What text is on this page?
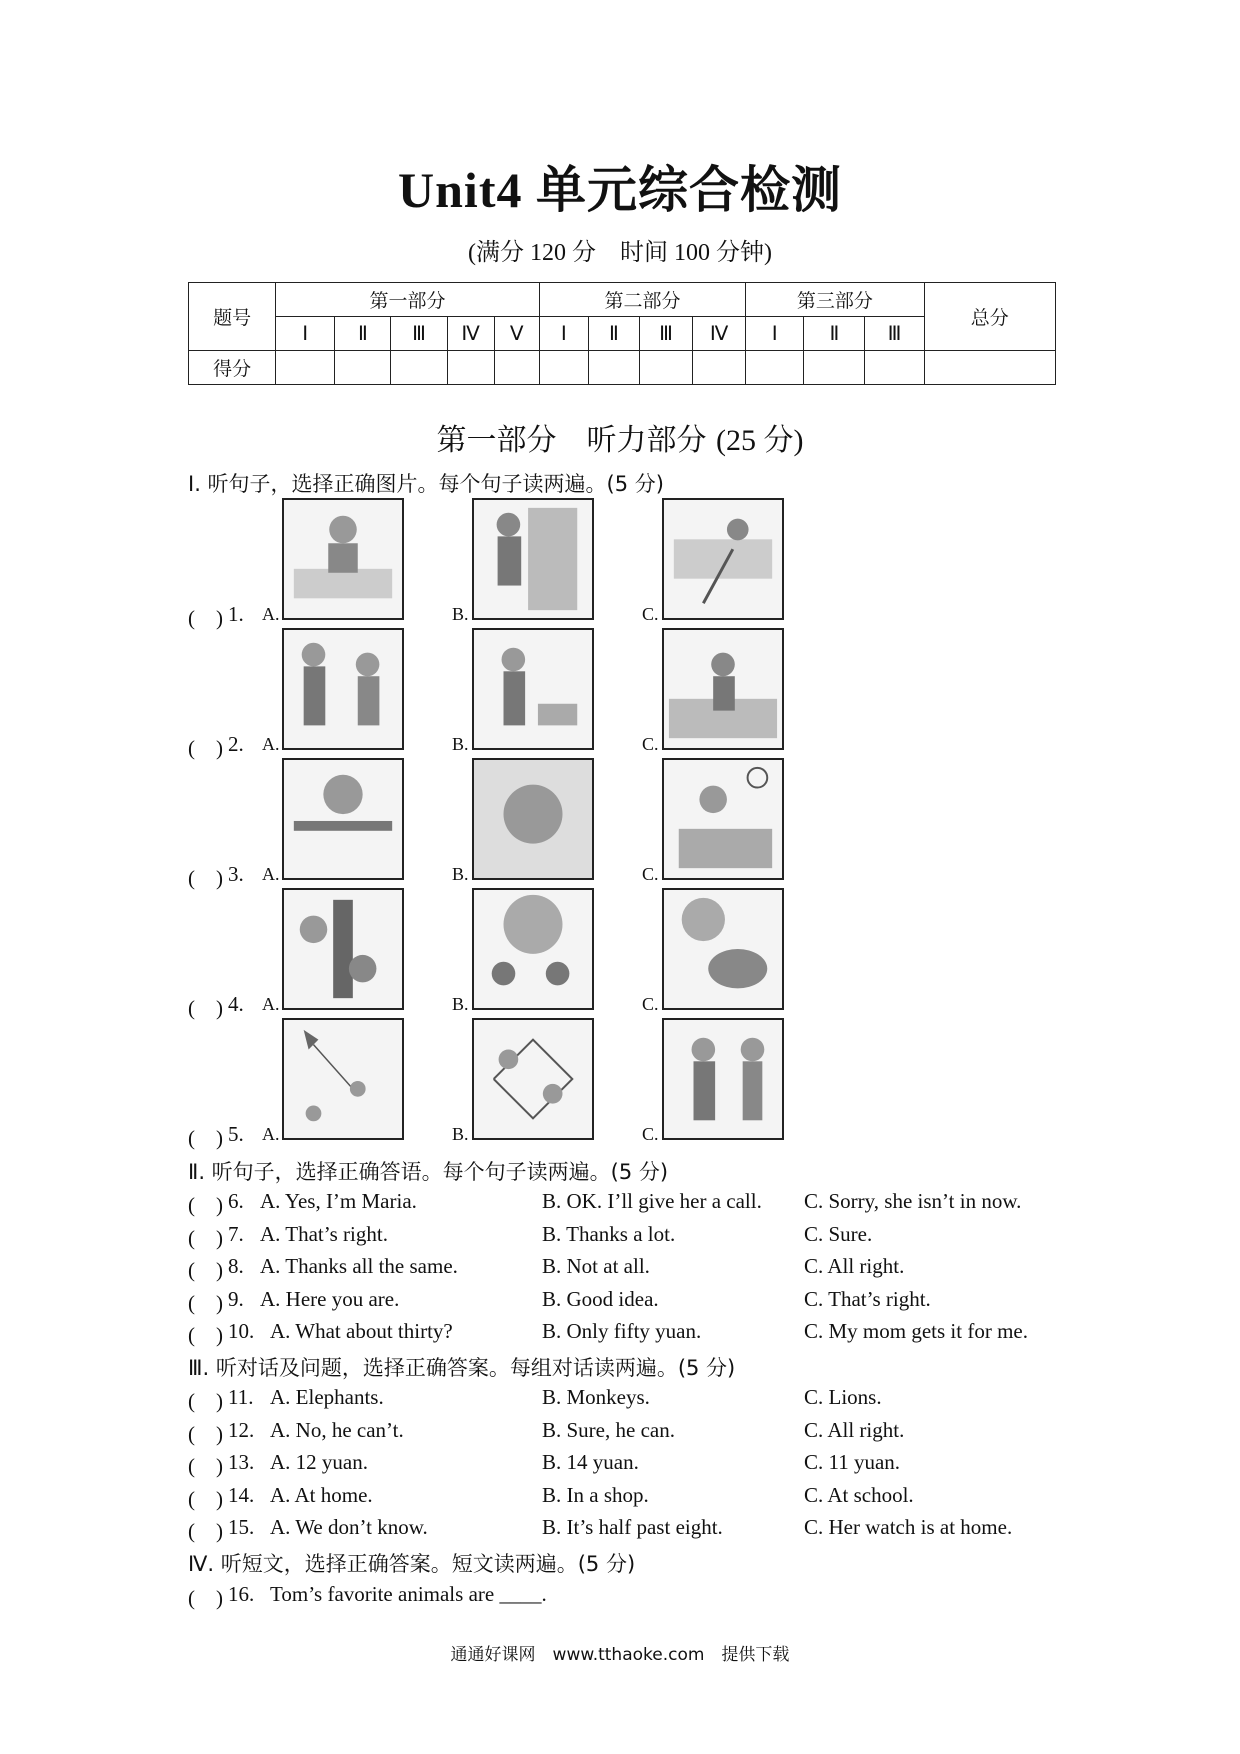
Unit4 单元综合检测
(满分 120 分　时间 100 分钟)
题号	第一部分					第二部分				第三部分			总分
	Ⅰ	Ⅱ	Ⅲ	Ⅳ	Ⅴ	Ⅰ	Ⅱ	Ⅲ	Ⅳ	Ⅰ	Ⅱ	Ⅲ	
得分													
第一部分　听力部分 (25 分)
Ⅰ. 听句子，选择正确图片。每个句子读两遍。(5 分)
(　) 1. A.	B.	C.
(　) 2. A.	B.	C.
(　) 3. A.	B.	C.
(　) 4. A.	B.	C.
(　) 5. A.	B.	C.
Ⅱ. 听句子，选择正确答语。每个句子读两遍。(5 分)
(　) 6. A. Yes, I’m Maria.	B. OK. I’ll give her a call. C. Sorry, she isn’t in now.
(　) 7. A. That’s right.	B. Thanks a lot.	C. Sure.
(　) 8. A. Thanks all the same.	B. Not at all.	C. All right.
(　) 9. A. Here you are.	B. Good idea.	C. That’s right.
(　) 10. A. What about thirty?	B. Only fifty yuan.	C. My mom gets it for me.
Ⅲ. 听对话及问题，选择正确答案。每组对话读两遍。(5 分)
(　) 11. A. Elephants.	B. Monkeys.	C. Lions.
(　) 12. A. No, he can’t.	B. Sure, he can.	C. All right.
(　) 13. A. 12 yuan.	B. 14 yuan.	C. 11 yuan.
(　) 14. A. At home.	B. In a shop.	C. At school.
(　) 15. A. We don’t know.	B. It’s half past eight.	C. Her watch is at home.
Ⅳ. 听短文，选择正确答案。短文读两遍。(5 分)
(　) 16. Tom’s favorite animals are ____.
通通好课网　www.tthaoke.com　提供下载
